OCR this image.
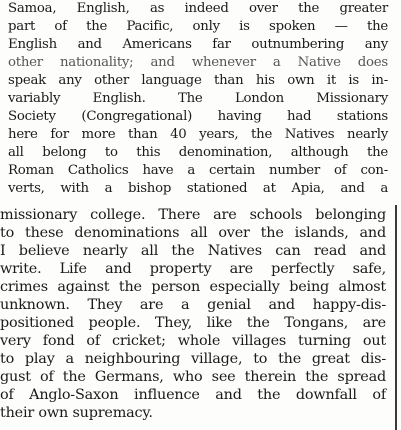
Samoa, English, as indeed over the greater
part of the Pacific, only is spoken — the
English and Americans far outnumbering any
other nationality; and whenever a Native does
speak any other language than his own it is in-
variably English. The London Missionary
Society (Congregational) having had stations
here for more than 40 years, the Natives nearly
all belong to this denomination, although the
Roman Catholics have a certain number of con-
verts, with a bishop stationed at Apia, and a
missionary college. There are schools belonging
to these denominations all over the islands, and
I believe nearly all the Natives can read and
write. Life and property are perfectly safe,
crimes against the person especially being almost
unknown. They are a genial and happy-dis-
positioned people. They, like the Tongans, are
very fond of cricket; whole villages turning out
to play a neighbouring village, to the great dis-
gust of the Germans, who see therein the spread
of Anglo-Saxon influence and the downfall of
their own supremacy.
